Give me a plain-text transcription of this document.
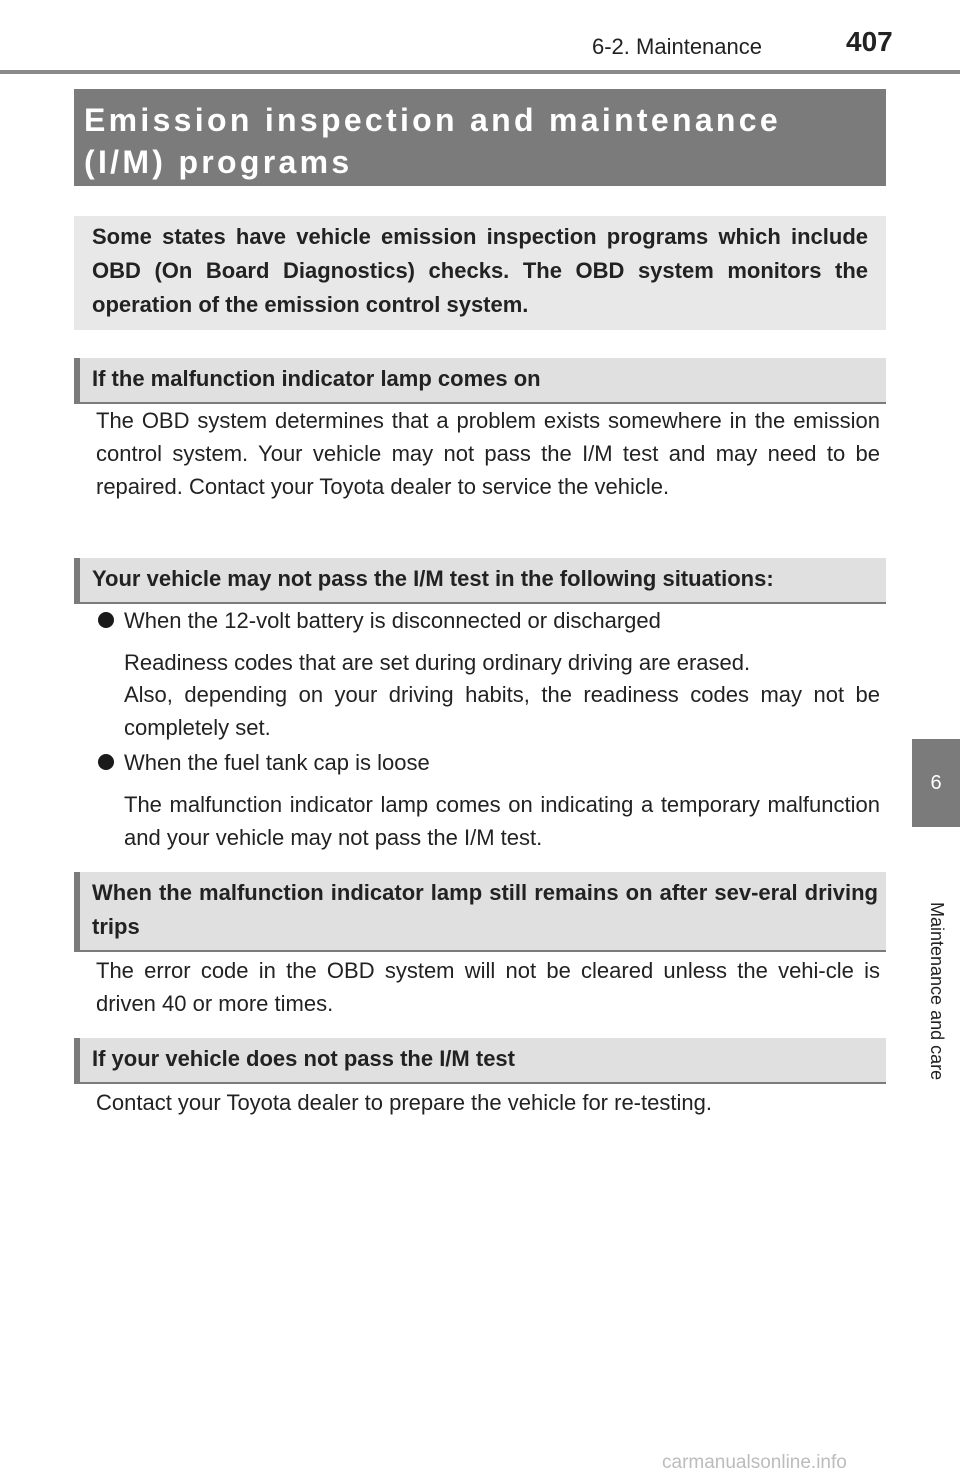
6-2. Maintenance	407
Emission inspection and maintenance (I/M) programs
Some states have vehicle emission inspection programs which include OBD (On Board Diagnostics) checks. The OBD system monitors the operation of the emission control system.
If the malfunction indicator lamp comes on
The OBD system determines that a problem exists somewhere in the emission control system. Your vehicle may not pass the I/M test and may need to be repaired. Contact your Toyota dealer to service the vehicle.
Your vehicle may not pass the I/M test in the following situations:
When the 12-volt battery is disconnected or discharged
Readiness codes that are set during ordinary driving are erased.
Also, depending on your driving habits, the readiness codes may not be completely set.
When the fuel tank cap is loose
The malfunction indicator lamp comes on indicating a temporary malfunction and your vehicle may not pass the I/M test.
When the malfunction indicator lamp still remains on after sev-eral driving trips
The error code in the OBD system will not be cleared unless the vehi-cle is driven 40 or more times.
If your vehicle does not pass the I/M test
Contact your Toyota dealer to prepare the vehicle for re-testing.
6
Maintenance and care
carmanualsonline.info
